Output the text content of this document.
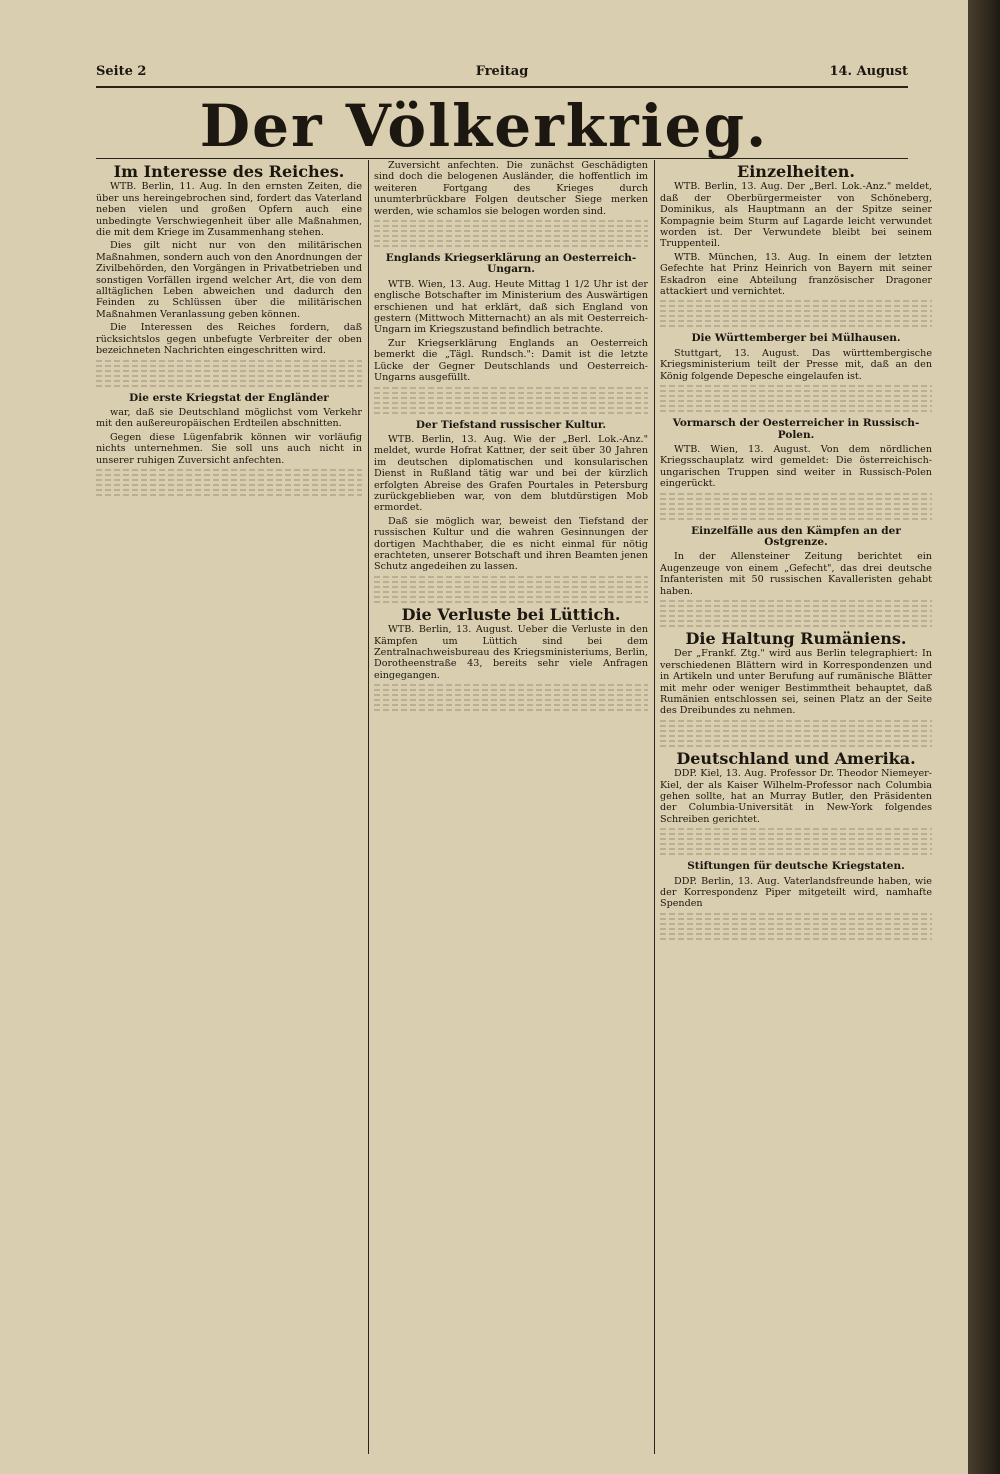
Seite 2	Freitag	14. August
Der Völkerkrieg.
Im Interesse des Reiches.

WTB. Berlin, 11. Aug. In den ernsten Zeiten, die über uns hereingebrochen sind, fordert das Vaterland neben vielen und großen Opfern auch eine unbedingte Verschwiegenheit über alle Maßnahmen, die mit dem Kriege im Zusammenhang stehen.

Dies gilt nicht nur von den militärischen Maßnahmen, sondern auch von den Anordnungen der Zivilbehörden, den Vorgängen in Privatbetrieben und sonstigen Vorfällen irgend welcher Art, die von dem alltäglichen Leben abweichen und dadurch den Feinden zu Schlüssen über die militärischen Maßnahmen Veranlassung geben können.

Die Interessen des Reiches fordern, daß rücksichtslos gegen unbefugte Verbreiter der oben bezeichneten Nachrichten eingeschritten wird.

Die erste Kriegstat der Engländer

war, daß sie Deutschland möglichst vom Verkehr mit den außereuropäischen Erdteilen abschnitten.

Gegen diese Lügenfabrik können wir vorläufig nichts unternehmen. Sie soll uns auch nicht in unserer ruhigen Zuversicht anfechten.

Zuversicht anfechten. Die zunächst Geschädigten sind doch die belogenen Ausländer, die hoffentlich im weiteren Fortgang des Krieges durch unumterbrückbare Folgen deutscher Siege merken werden, wie schamlos sie belogen worden sind.

Englands Kriegserklärung an Oesterreich-Ungarn.

WTB. Wien, 13. Aug. Heute Mittag 1 1/2 Uhr ist der englische Botschafter im Ministerium des Auswärtigen erschienen und hat erklärt, daß sich England von gestern (Mittwoch Mitternacht) an als mit Oesterreich-Ungarn im Kriegszustand befindlich betrachte.

Zur Kriegserklärung Englands an Oesterreich bemerkt die „Tägl. Rundsch.": Damit ist die letzte Lücke der Gegner Deutschlands und Oesterreich-Ungarns ausgefüllt.

Der Tiefstand russischer Kultur.

WTB. Berlin, 13. Aug. Wie der „Berl. Lok.-Anz." meldet, wurde Hofrat Kattner, der seit über 30 Jahren im deutschen diplomatischen und konsularischen Dienst in Rußland tätig war und bei der kürzlich erfolgten Abreise des Grafen Pourtales in Petersburg zurückgeblieben war, von dem blutdürstigen Mob ermordet.

Daß sie möglich war, beweist den Tiefstand der russischen Kultur und die wahren Gesinnungen der dortigen Machthaber, die es nicht einmal für nötig erachteten, unserer Botschaft und ihren Beamten jenen Schutz angedeihen zu lassen.

Die Verluste bei Lüttich.

WTB. Berlin, 13. August. Ueber die Verluste in den Kämpfen um Lüttich sind bei dem Zentralnachweisbureau des Kriegsministeriums, Berlin, Dorotheenstraße 43, bereits sehr viele Anfragen eingegangen.

Einzelheiten.

WTB. Berlin, 13. Aug. Der „Berl. Lok.-Anz." meldet, daß der Oberbürgermeister von Schöneberg, Dominikus, als Hauptmann an der Spitze seiner Kompagnie beim Sturm auf Lagarde leicht verwundet worden ist. Der Verwundete bleibt bei seinem Truppenteil.

WTB. München, 13. Aug. In einem der letzten Gefechte hat Prinz Heinrich von Bayern mit seiner Eskadron eine Abteilung französischer Dragoner attackiert und vernichtet.

Die Württemberger bei Mülhausen.

Stuttgart, 13. August. Das württembergische Kriegsministerium teilt der Presse mit, daß an den König folgende Depesche eingelaufen ist.

Vormarsch der Oesterreicher in Russisch-Polen.

WTB. Wien, 13. August. Von dem nördlichen Kriegsschauplatz wird gemeldet: Die österreichisch-ungarischen Truppen sind weiter in Russisch-Polen eingerückt.

Einzelfälle aus den Kämpfen an der Ostgrenze.

In der Allensteiner Zeitung berichtet ein Augenzeuge von einem „Gefecht", das drei deutsche Infanteristen mit 50 russischen Kavalleristen gehabt haben.

Die Haltung Rumäniens.

Der „Frankf. Ztg." wird aus Berlin telegraphiert: In verschiedenen Blättern wird in Korrespondenzen und in Artikeln und unter Berufung auf rumänische Blätter mit mehr oder weniger Bestimmtheit behauptet, daß Rumänien entschlossen sei, seinen Platz an der Seite des Dreibundes zu nehmen.

Deutschland und Amerika.

DDP. Kiel, 13. Aug. Professor Dr. Theodor Niemeyer-Kiel, der als Kaiser Wilhelm-Professor nach Columbia gehen sollte, hat an Murray Butler, den Präsidenten der Columbia-Universität in New-York folgendes Schreiben gerichtet.

Stiftungen für deutsche Kriegstaten.

DDP. Berlin, 13. Aug. Vaterlandsfreunde haben, wie der Korrespondenz Piper mitgeteilt wird, namhafte Spenden
